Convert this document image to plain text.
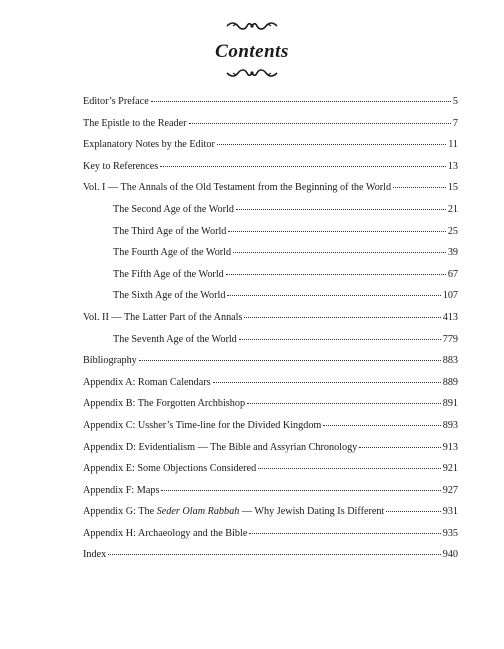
Contents
Editor’s Preface	5
The Epistle to the Reader	7
Explanatory Notes by the Editor	11
Key to References	13
Vol. I — The Annals of the Old Testament from the Beginning of the World	15
The Second Age of the World	21
The Third Age of the World	25
The Fourth Age of the World	39
The Fifth Age of the World	67
The Sixth Age of the World	107
Vol. II — The Latter Part of the Annals	413
The Seventh Age of the World	779
Bibliography	883
Appendix A: Roman Calendars	889
Appendix B: The Forgotten Archbishop	891
Appendix C: Ussher’s Time-line for the Divided Kingdom	893
Appendix D: Evidentialism — The Bible and Assyrian Chronology	913
Appendix E: Some Objections Considered	921
Appendix F: Maps	927
Appendix G: The Seder Olam Rabbah — Why Jewish Dating Is Different	931
Appendix H: Archaeology and the Bible	935
Index	940
